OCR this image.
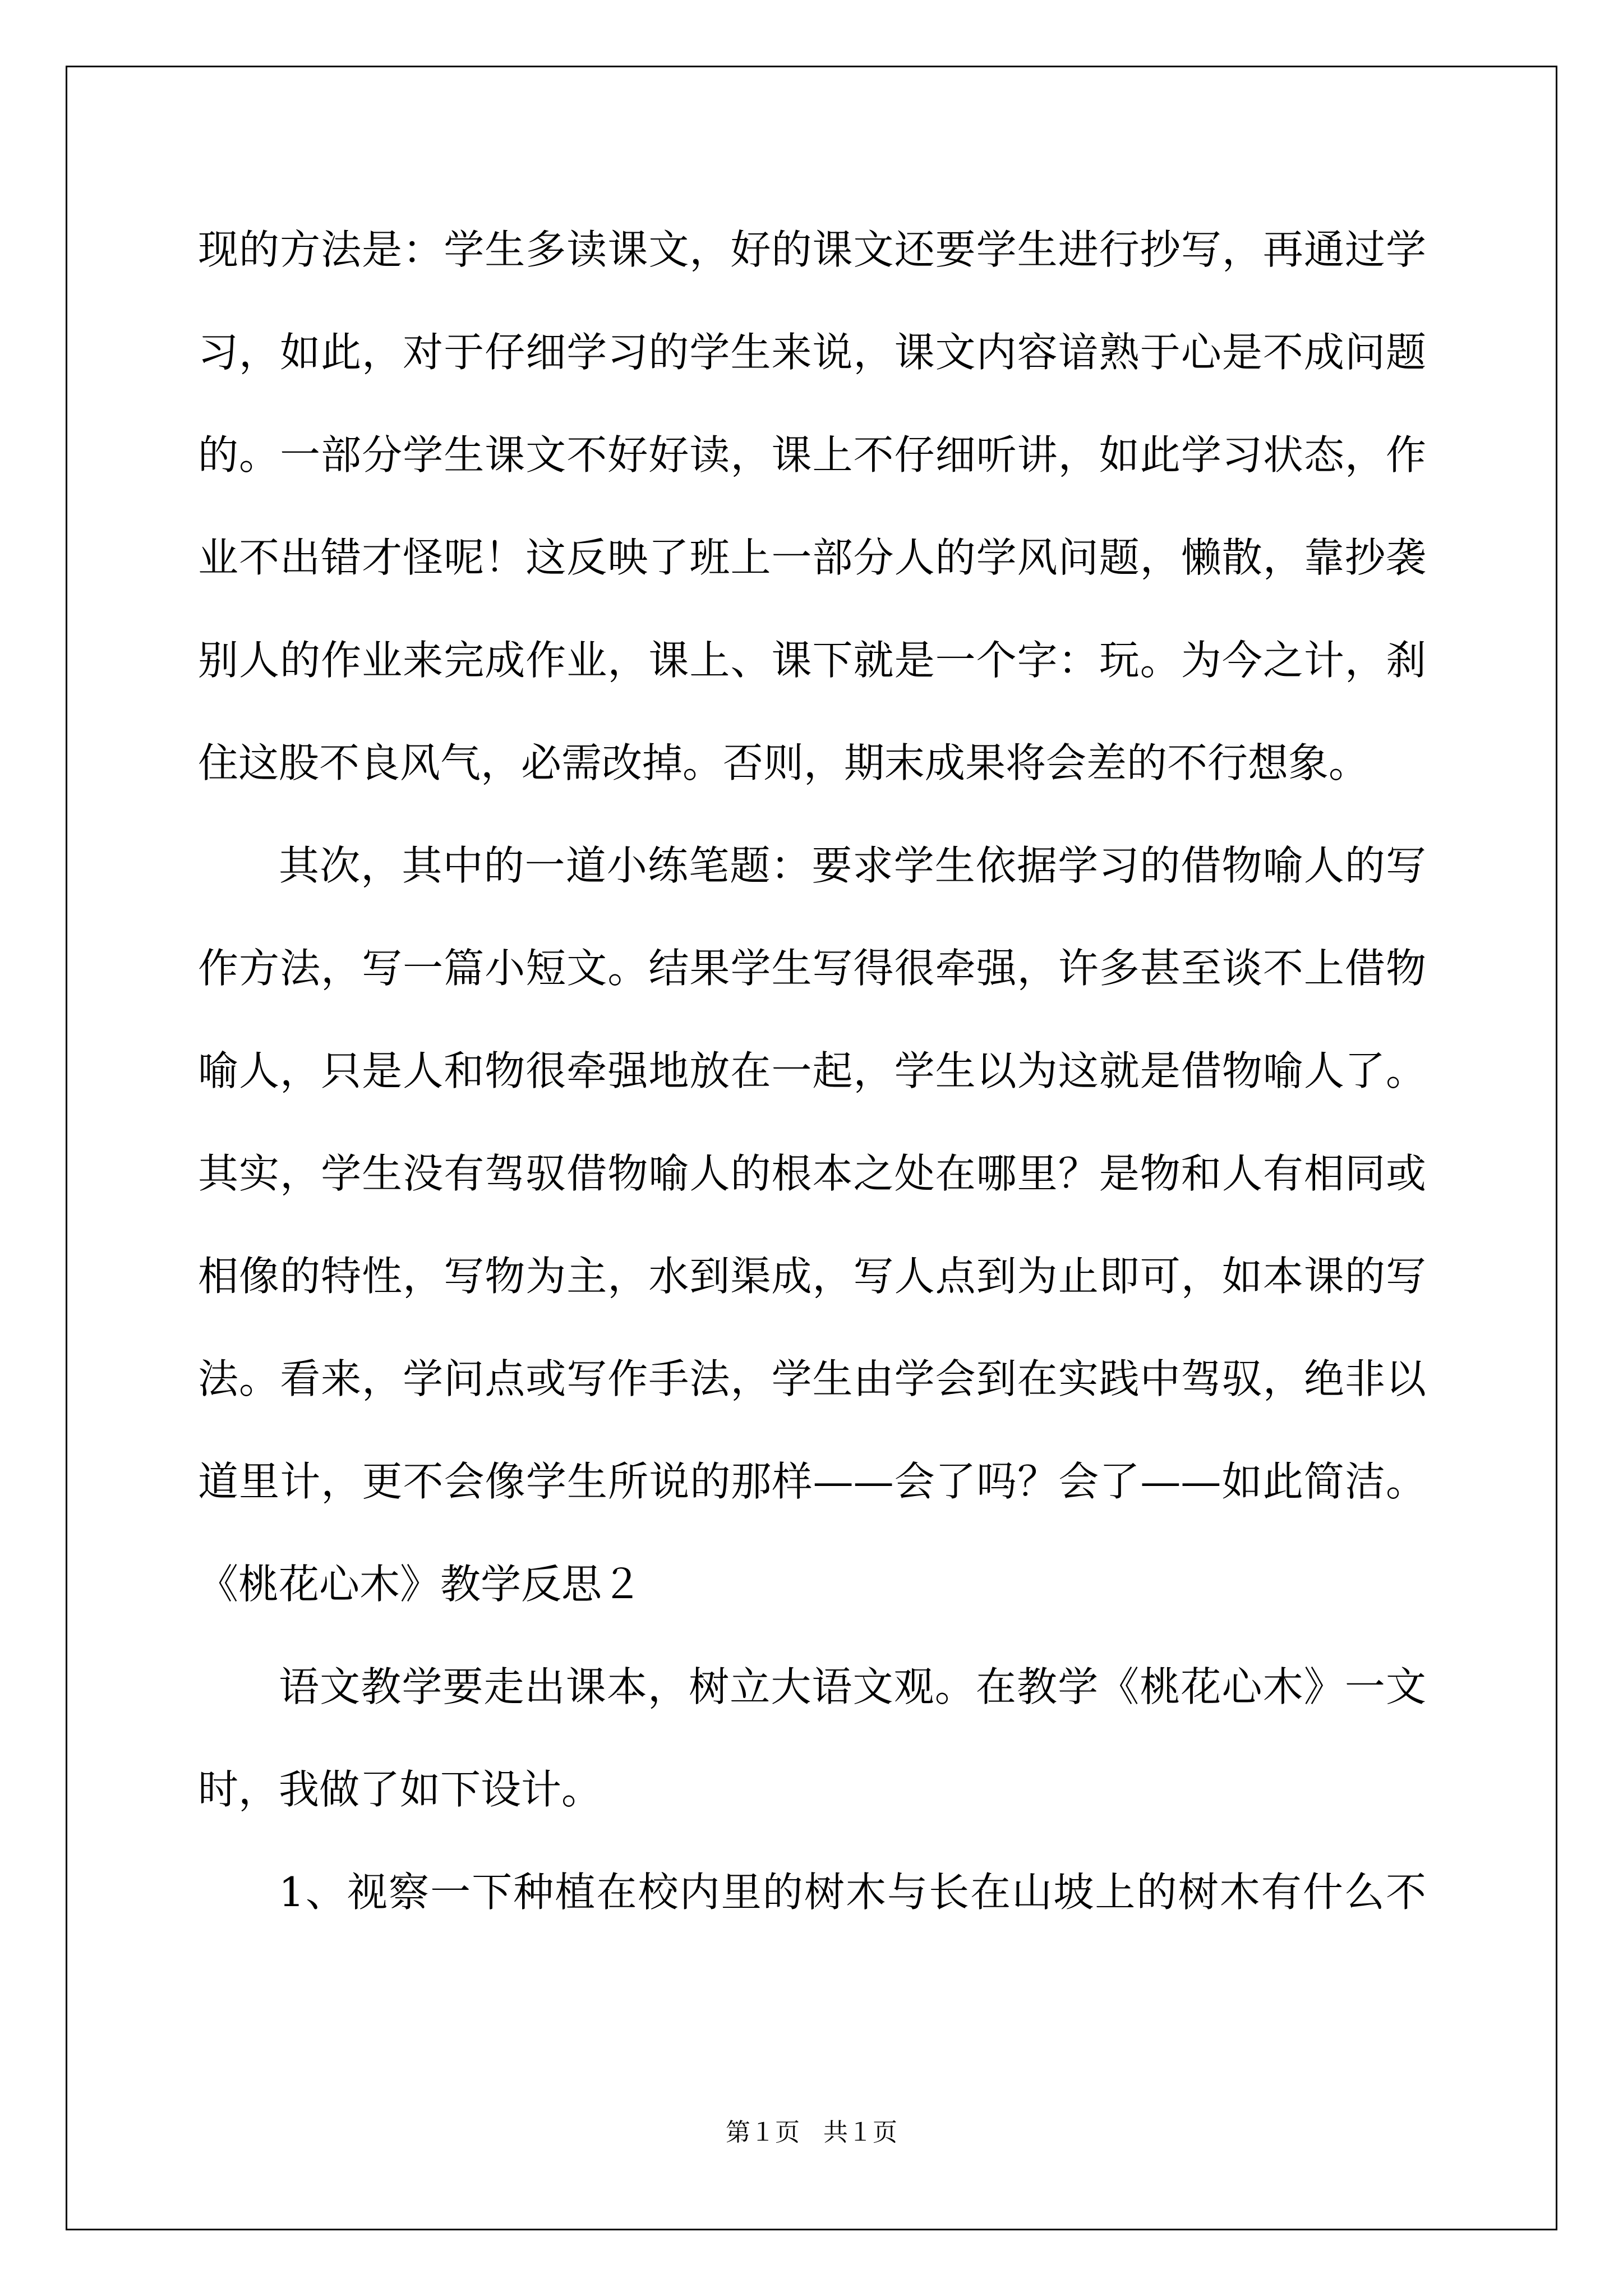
现的方法是：学生多读课文，好的课文还要学生进行抄写，再通过学
习，如此，对于仔细学习的学生来说，课文内容谙熟于心是不成问题
的。一部分学生课文不好好读，课上不仔细听讲，如此学习状态，作
业不出错才怪呢！这反映了班上一部分人的学风问题，懒散，靠抄袭
别人的作业来完成作业，课上、课下就是一个字：玩。为今之计，刹
住这股不良风气，必需改掉。否则，期末成果将会差的不行想象。
其次，其中的一道小练笔题：要求学生依据学习的借物喻人的写
作方法，写一篇小短文。结果学生写得很牵强，许多甚至谈不上借物
喻人，只是人和物很牵强地放在一起，学生以为这就是借物喻人了。
其实，学生没有驾驭借物喻人的根本之处在哪里？是物和人有相同或
相像的特性，写物为主，水到渠成，写人点到为止即可，如本课的写
法。看来，学问点或写作手法，学生由学会到在实践中驾驭，绝非以
道里计，更不会像学生所说的那样——会了吗？会了——如此简洁。
《桃花心木》教学反思２
语文教学要走出课本，树立大语文观。在教学《桃花心木》一文
时，我做了如下设计。
1、视察一下种植在校内里的树木与长在山坡上的树木有什么不
第１页 共１页
